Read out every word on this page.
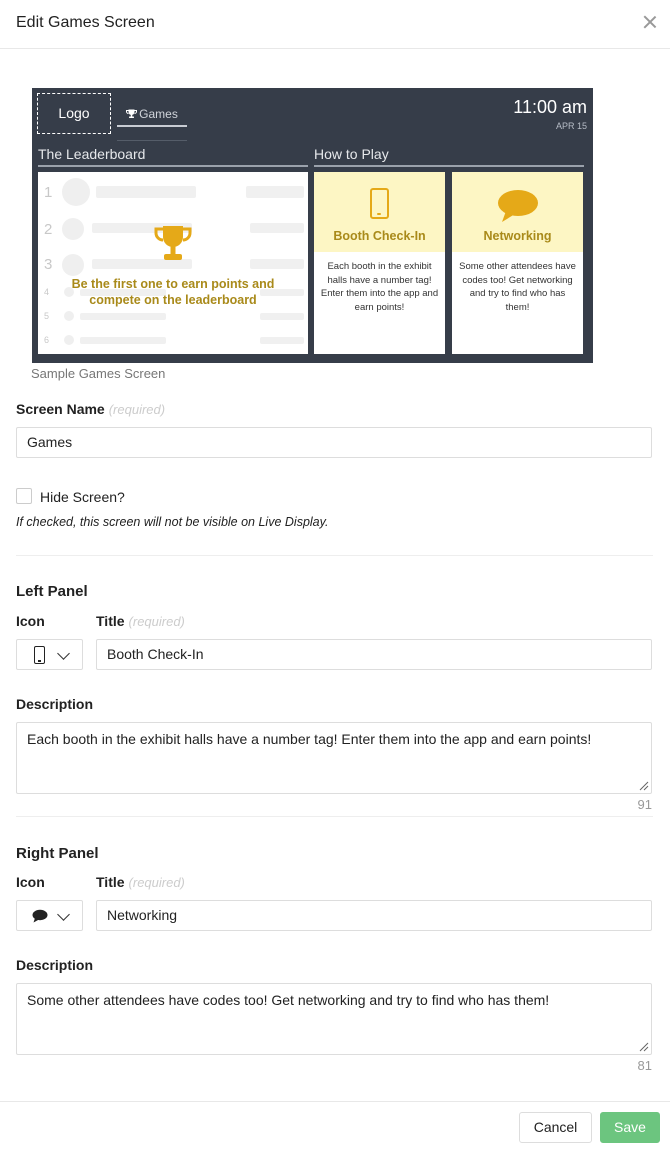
Edit Games Screen
Logo	Games	11:00 am
APR 15
The Leaderboard	How to Play
1
2
3
4
5
6
Be the first one to earn points and compete on the leaderboard
Booth Check-In
Each booth in the exhibit halls have a number tag! Enter them into the app and earn points!
Networking
Some other attendees have codes too! Get networking and try to find who has them!
Sample Games Screen
Screen Name (required)
Games
Hide Screen?
If checked, this screen will not be visible on Live Display.
Left Panel
Icon	Title (required)
Booth Check-In
Description
Each booth in the exhibit halls have a number tag! Enter them into the app and earn points!
91
Right Panel
Icon	Title (required)
Networking
Description
Some other attendees have codes too! Get networking and try to find who has them!
81
Cancel	Save
